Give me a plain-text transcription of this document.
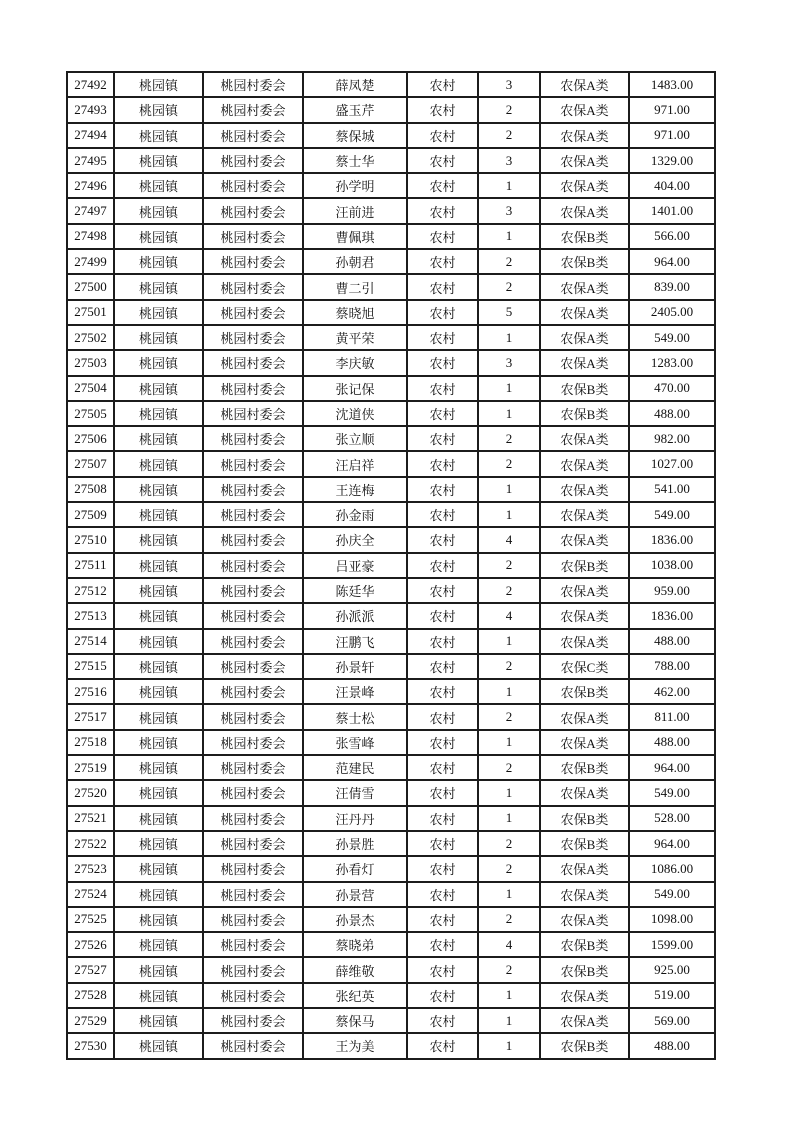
27492	桃园镇	桃园村委会	薛凤楚	农村	3	农保A类	1483.00
27493	桃园镇	桃园村委会	盛玉芹	农村	2	农保A类	971.00
27494	桃园镇	桃园村委会	蔡保城	农村	2	农保A类	971.00
27495	桃园镇	桃园村委会	蔡士华	农村	3	农保A类	1329.00
27496	桃园镇	桃园村委会	孙学明	农村	1	农保A类	404.00
27497	桃园镇	桃园村委会	汪前进	农村	3	农保A类	1401.00
27498	桃园镇	桃园村委会	曹佩琪	农村	1	农保B类	566.00
27499	桃园镇	桃园村委会	孙朝君	农村	2	农保B类	964.00
27500	桃园镇	桃园村委会	曹二引	农村	2	农保A类	839.00
27501	桃园镇	桃园村委会	蔡晓旭	农村	5	农保A类	2405.00
27502	桃园镇	桃园村委会	黄平荣	农村	1	农保A类	549.00
27503	桃园镇	桃园村委会	李庆敏	农村	3	农保A类	1283.00
27504	桃园镇	桃园村委会	张记保	农村	1	农保B类	470.00
27505	桃园镇	桃园村委会	沈道侠	农村	1	农保B类	488.00
27506	桃园镇	桃园村委会	张立顺	农村	2	农保A类	982.00
27507	桃园镇	桃园村委会	汪启祥	农村	2	农保A类	1027.00
27508	桃园镇	桃园村委会	王连梅	农村	1	农保A类	541.00
27509	桃园镇	桃园村委会	孙金雨	农村	1	农保A类	549.00
27510	桃园镇	桃园村委会	孙庆全	农村	4	农保A类	1836.00
27511	桃园镇	桃园村委会	吕亚豪	农村	2	农保B类	1038.00
27512	桃园镇	桃园村委会	陈廷华	农村	2	农保A类	959.00
27513	桃园镇	桃园村委会	孙派派	农村	4	农保A类	1836.00
27514	桃园镇	桃园村委会	汪鹏飞	农村	1	农保A类	488.00
27515	桃园镇	桃园村委会	孙景轩	农村	2	农保C类	788.00
27516	桃园镇	桃园村委会	汪景峰	农村	1	农保B类	462.00
27517	桃园镇	桃园村委会	蔡士松	农村	2	农保A类	811.00
27518	桃园镇	桃园村委会	张雪峰	农村	1	农保A类	488.00
27519	桃园镇	桃园村委会	范建民	农村	2	农保B类	964.00
27520	桃园镇	桃园村委会	汪倩雪	农村	1	农保A类	549.00
27521	桃园镇	桃园村委会	汪丹丹	农村	1	农保B类	528.00
27522	桃园镇	桃园村委会	孙景胜	农村	2	农保B类	964.00
27523	桃园镇	桃园村委会	孙看灯	农村	2	农保A类	1086.00
27524	桃园镇	桃园村委会	孙景营	农村	1	农保A类	549.00
27525	桃园镇	桃园村委会	孙景杰	农村	2	农保A类	1098.00
27526	桃园镇	桃园村委会	蔡晓弟	农村	4	农保B类	1599.00
27527	桃园镇	桃园村委会	薛维敬	农村	2	农保B类	925.00
27528	桃园镇	桃园村委会	张纪英	农村	1	农保A类	519.00
27529	桃园镇	桃园村委会	蔡保马	农村	1	农保A类	569.00
27530	桃园镇	桃园村委会	王为美	农村	1	农保B类	488.00
